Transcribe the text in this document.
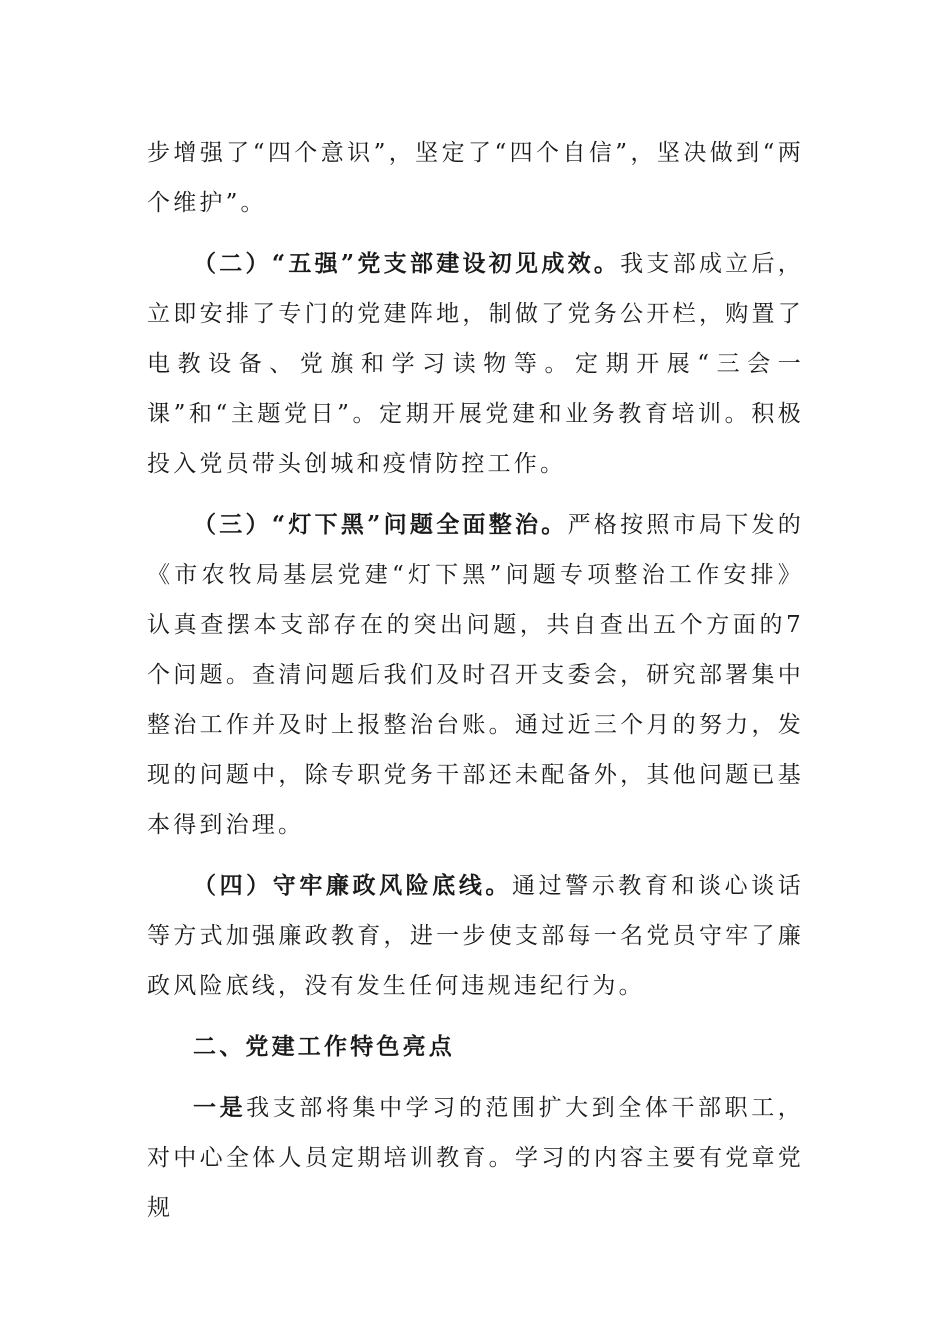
步增强了“四个意识”，坚定了“四个自信”，坚决做到“两个维护”。

（二）“五强”党支部建设初见成效。我支部成立后，立即安排了专门的党建阵地，制做了党务公开栏，购置了电教设备、党旗和学习读物等。定期开展“三会一课”和“主题党日”。定期开展党建和业务教育培训。积极投入党员带头创城和疫情防控工作。

（三）“灯下黑”问题全面整治。严格按照市局下发的《市农牧局基层党建“灯下黑”问题专项整治工作安排》认真查摆本支部存在的突出问题，共自查出五个方面的7个问题。查清问题后我们及时召开支委会，研究部署集中整治工作并及时上报整治台账。通过近三个月的努力，发现的问题中，除专职党务干部还未配备外，其他问题已基本得到治理。

（四）守牢廉政风险底线。通过警示教育和谈心谈话等方式加强廉政教育，进一步使支部每一名党员守牢了廉政风险底线，没有发生任何违规违纪行为。

二、党建工作特色亮点

一是我支部将集中学习的范围扩大到全体干部职工，对中心全体人员定期培训教育。学习的内容主要有党章党规
